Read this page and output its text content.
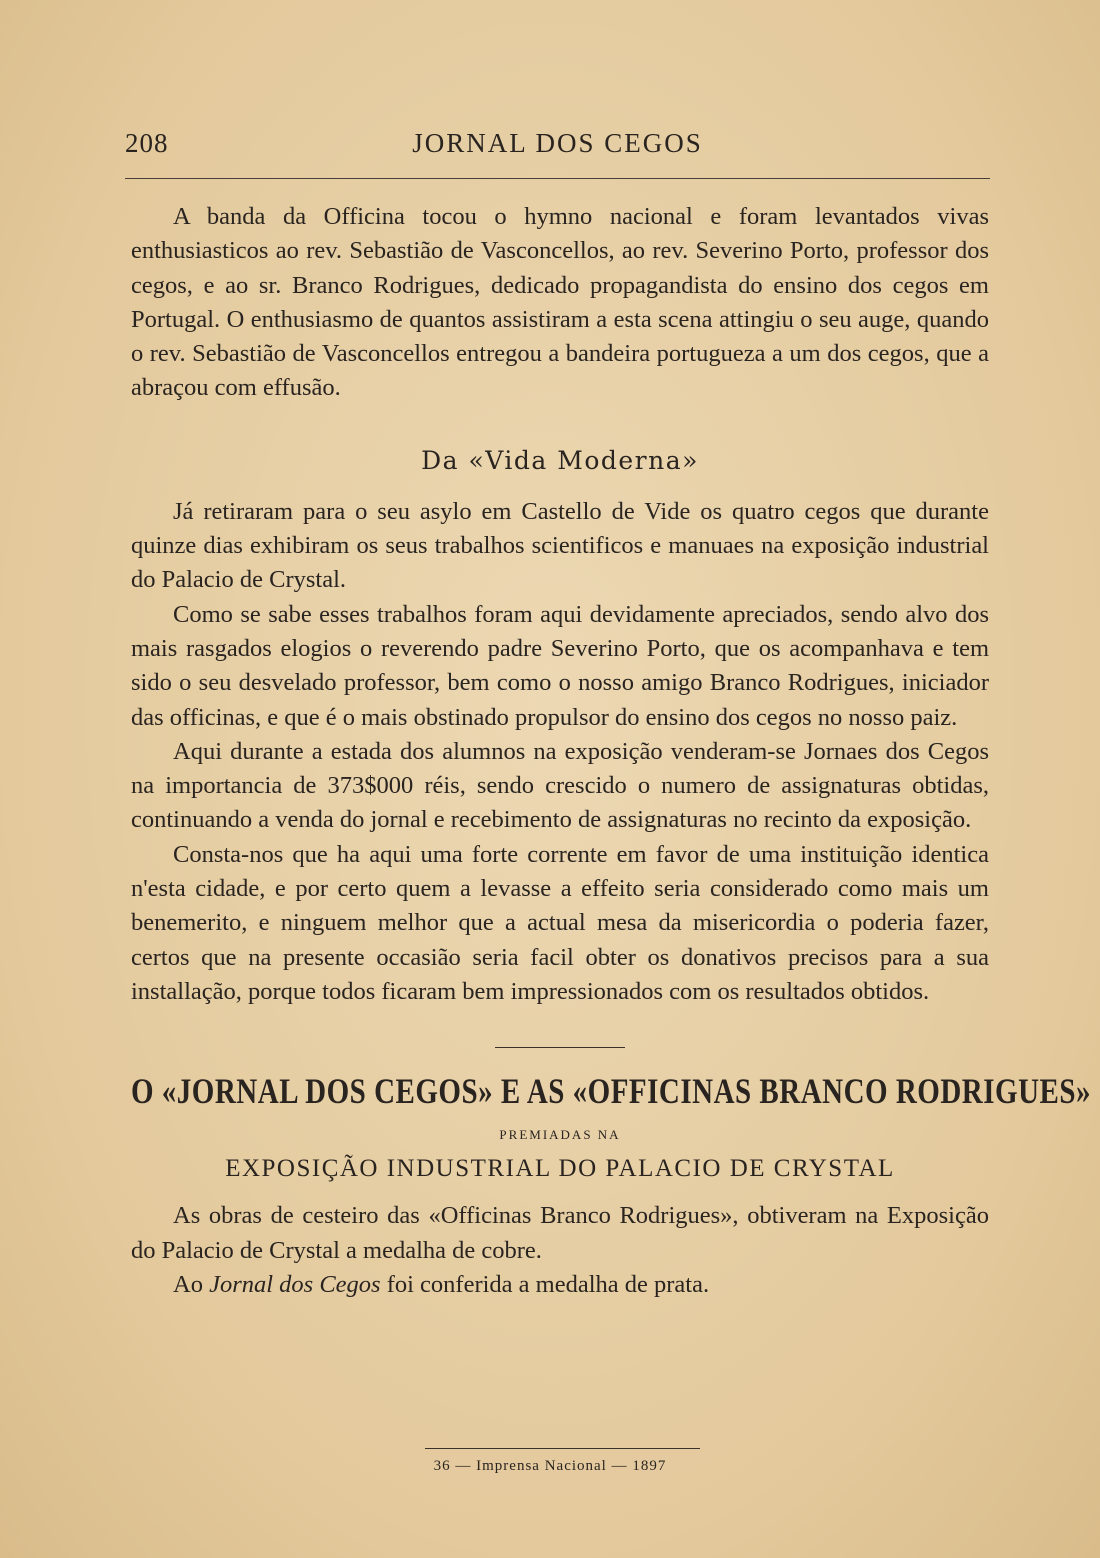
208	JORNAL DOS CEGOS

A banda da Officina tocou o hymno nacional e foram levantados vivas enthusiasticos ao rev. Sebastião de Vasconcellos, ao rev. Severino Porto, professor dos cegos, e ao sr. Branco Rodrigues, dedicado propagandista do ensino dos cegos em Portugal. O enthusiasmo de quantos assistiram a esta scena attingiu o seu auge, quando o rev. Sebastião de Vasconcellos entregou a bandeira portugueza a um dos cegos, que a abraçou com effusão.

Da «Vida Moderna»

Já retiraram para o seu asylo em Castello de Vide os quatro cegos que durante quinze dias exhibiram os seus trabalhos scientificos e manuaes na exposição industrial do Palacio de Crystal.

Como se sabe esses trabalhos foram aqui devidamente apreciados, sendo alvo dos mais rasgados elogios o reverendo padre Severino Porto, que os acompanhava e tem sido o seu desvelado professor, bem como o nosso amigo Branco Rodrigues, iniciador das officinas, e que é o mais obstinado propulsor do ensino dos cegos no nosso paiz.

Aqui durante a estada dos alumnos na exposição venderam-se Jornaes dos Cegos na importancia de 373$000 réis, sendo crescido o numero de assignaturas obtidas, continuando a venda do jornal e recebimento de assignaturas no recinto da exposição.

Consta-nos que ha aqui uma forte corrente em favor de uma instituição identica n'esta cidade, e por certo quem a levasse a effeito seria considerado como mais um benemerito, e ninguem melhor que a actual mesa da misericordia o poderia fazer, certos que na presente occasião seria facil obter os donativos precisos para a sua installação, porque todos ficaram bem impressionados com os resultados obtidos.

O «JORNAL DOS CEGOS» E AS «OFFICINAS BRANCO RODRIGUES»
PREMIADAS NA
EXPOSIÇÃO INDUSTRIAL DO PALACIO DE CRYSTAL

As obras de cesteiro das «Officinas Branco Rodrigues», obtiveram na Exposição do Palacio de Crystal a medalha de cobre.

Ao Jornal dos Cegos foi conferida a medalha de prata.

36 — Imprensa Nacional — 1897
